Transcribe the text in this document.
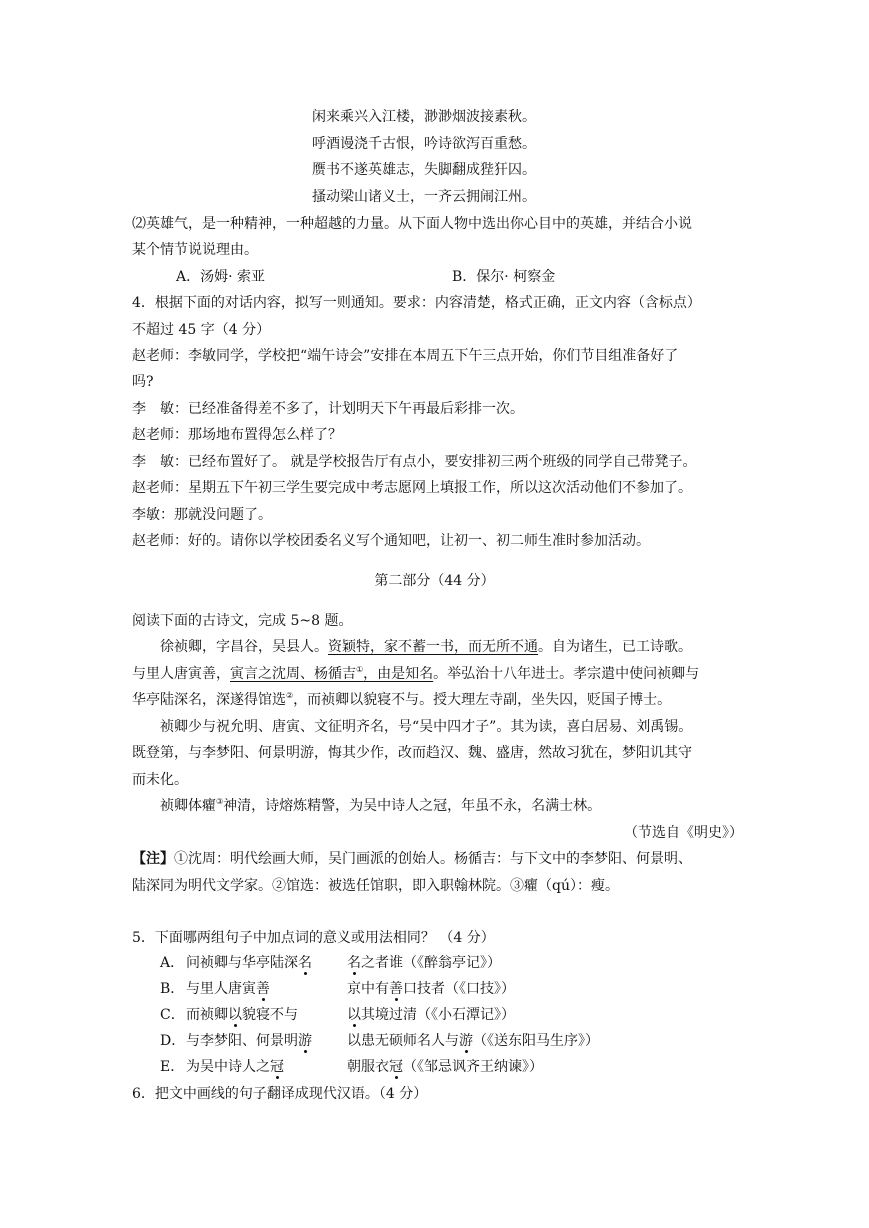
闲来乘兴入江楼，渺渺烟波接素秋。
呼酒谩浇千古恨，吟诗欲泻百重愁。
赝书不遂英雄志，失脚翻成狴犴囚。
搔动梁山诸义士，一齐云拥闹江州。
⑵英雄气，是一种精神，一种超越的力量。从下面人物中选出你心目中的英雄，并结合小说
某个情节说说理由。
A．汤姆· 索亚	B．保尔· 柯察金
4．根据下面的对话内容，拟写一则通知。要求：内容清楚，格式正确，正文内容（含标点）
不超过 45 字（4 分）
赵老师：李敏同学，学校把“端午诗会”安排在本周五下午三点开始，你们节目组准备好了
吗?
李　敏：已经准备得差不多了，计划明天下午再最后彩排一次。
赵老师：那场地布置得怎么样了？
李　敏：已经布置好了。 就是学校报告厅有点小，要安排初三两个班级的同学自己带凳子。
赵老师：星期五下午初三学生要完成中考志愿网上填报工作，所以这次活动他们不参加了。
李敏：那就没问题了。
赵老师：好的。请你以学校团委名义写个通知吧，让初一、初二师生准时参加活动。
第二部分（44 分）
阅读下面的古诗文，完成 5~8 题。
徐祯卿，字昌谷，吴县人。资颖特，家不蓄一书，而无所不通。自为诸生，已工诗歌。
与里人唐寅善，寅言之沈周、杨循吉①，由是知名。举弘治十八年进士。孝宗遣中使问祯卿与
华亭陆深名，深遂得馆选②，而祯卿以貌寝不与。授大理左寺副，坐失囚，贬国子博士。
祯卿少与祝允明、唐寅、文征明齐名，号“吴中四才子”。其为读，喜白居易、刘禹锡。
既登第，与李梦阳、何景明游，悔其少作，改而趋汉、魏、盛唐，然故习犹在，梦阳讥其守
而未化。
祯卿体癯③神清，诗熔炼精警，为吴中诗人之冠，年虽不永，名满士林。
（节选自《明史》）
【注】①沈周：明代绘画大师，吴门画派的创始人。杨循吉：与下文中的李梦阳、何景明、
陆深同为明代文学家。②馆选：被选任馆职，即入职翰林院。③癯（qú）：瘦。
5．下面哪两组句子中加点词的意义或用法相同？ （4 分）
A． 问祯卿与华亭陆深名	名之者谁（《醉翁亭记》）
B． 与里人唐寅善	京中有善口技者（《口技》）
C． 而祯卿以貌寝不与	以其境过清（《小石潭记》）
D． 与李梦阳、何景明游	以患无硕师名人与游（《送东阳马生序》）
E． 为吴中诗人之冠	朝服衣冠（《邹忌讽齐王纳谏》）
6．把文中画线的句子翻译成现代汉语。（4 分）
